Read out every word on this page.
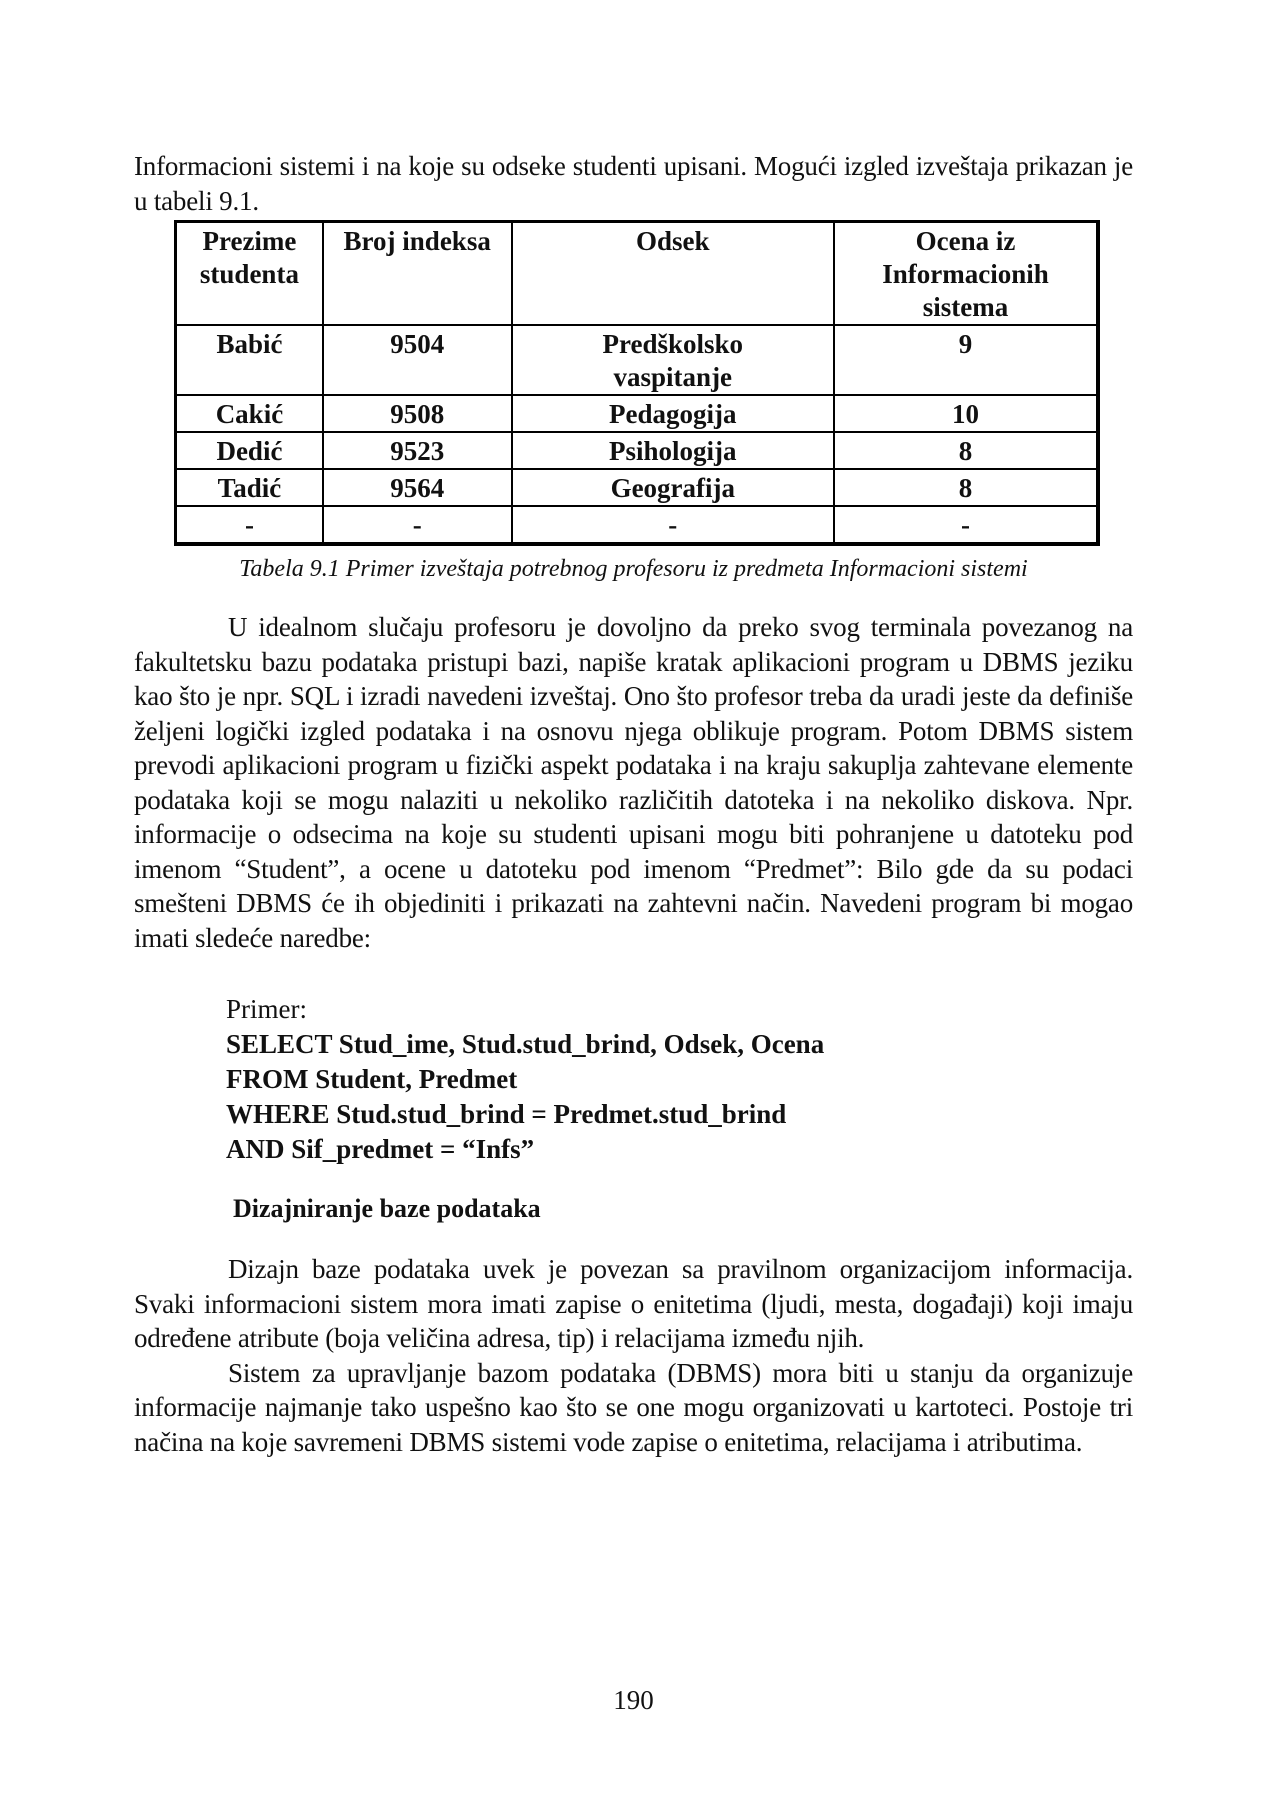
Informacioni sistemi i na koje su odseke studenti upisani. Mogući izgled izveštaja prikazan je u tabeli 9.1.

Prezime studenta	Broj indeksa	Odsek	Ocena iz Informacionih sistema
Babić	9504	Predškolsko vaspitanje	9
Cakić	9508	Pedagogija	10
Dedić	9523	Psihologija	8
Tadić	9564	Geografija	8
-	-	-	-

Tabela 9.1 Primer izveštaja potrebnog profesoru iz predmeta Informacioni sistemi

U idealnom slučaju profesoru je dovoljno da preko svog terminala povezanog na fakultetsku bazu podataka pristupi bazi, napiše kratak aplikacioni program u DBMS jeziku kao što je npr. SQL i izradi navedeni izveštaj. Ono što profesor treba da uradi jeste da definiše željeni logički izgled podataka i na osnovu njega oblikuje program. Potom DBMS sistem prevodi aplikacioni program u fizički aspekt podataka i na kraju sakuplja zahtevane elemente podataka koji se mogu nalaziti u nekoliko različitih datoteka i na nekoliko diskova. Npr. informacije o odsecima na koje su studenti upisani mogu biti pohranjene u datoteku pod imenom “Student”, a ocene u datoteku pod imenom “Predmet”: Bilo gde da su podaci smešteni DBMS će ih objediniti i prikazati na zahtevni način. Navedeni program bi mogao imati sledeće naredbe:

Primer:
SELECT Stud_ime, Stud.stud_brind, Odsek, Ocena
FROM Student, Predmet
WHERE Stud.stud_brind = Predmet.stud_brind
AND Sif_predmet = “Infs”
Dizajniranje baze podataka

Dizajn baze podataka uvek je povezan sa pravilnom organizacijom informacija. Svaki informacioni sistem mora imati zapise o enitetima (ljudi, mesta, događaji) koji imaju određene atribute (boja veličina adresa, tip) i relacijama između njih.

Sistem za upravljanje bazom podataka (DBMS) mora biti u stanju da organizuje informacije najmanje tako uspešno kao što se one mogu organizovati u kartoteci. Postoje tri načina na koje savremeni DBMS sistemi vode zapise o enitetima, relacijama i atributima.

190
